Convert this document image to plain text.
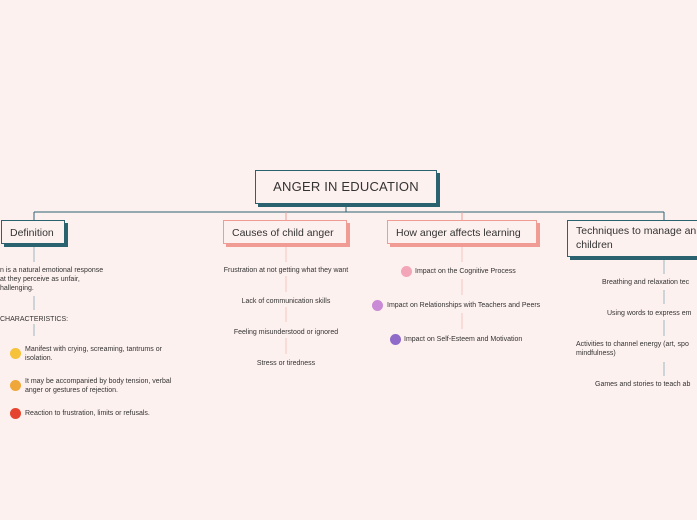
ANGER IN EDUCATION
Definition
n is a natural emotional response
at they perceive as unfair,
hallenging.
CHARACTERISTICS:
Manifest with crying, screaming, tantrums or
isolation.
It may be accompanied by body tension, verbal
anger or gestures of rejection.
Reaction to frustration, limits or refusals.
Causes of child anger
Frustration at not getting what they want
Lack of communication skills
Feeling misunderstood or ignored
Stress or tiredness
How anger affects learning
Impact on the Cognitive Process
Impact on Relationships with Teachers and Peers
Impact on Self-Esteem and Motivation
Techniques to manage an
children
Breathing and relaxation tec
Using words to express em
Activities to channel energy (art, spo
mindfulness)
Games and stories to teach ab
